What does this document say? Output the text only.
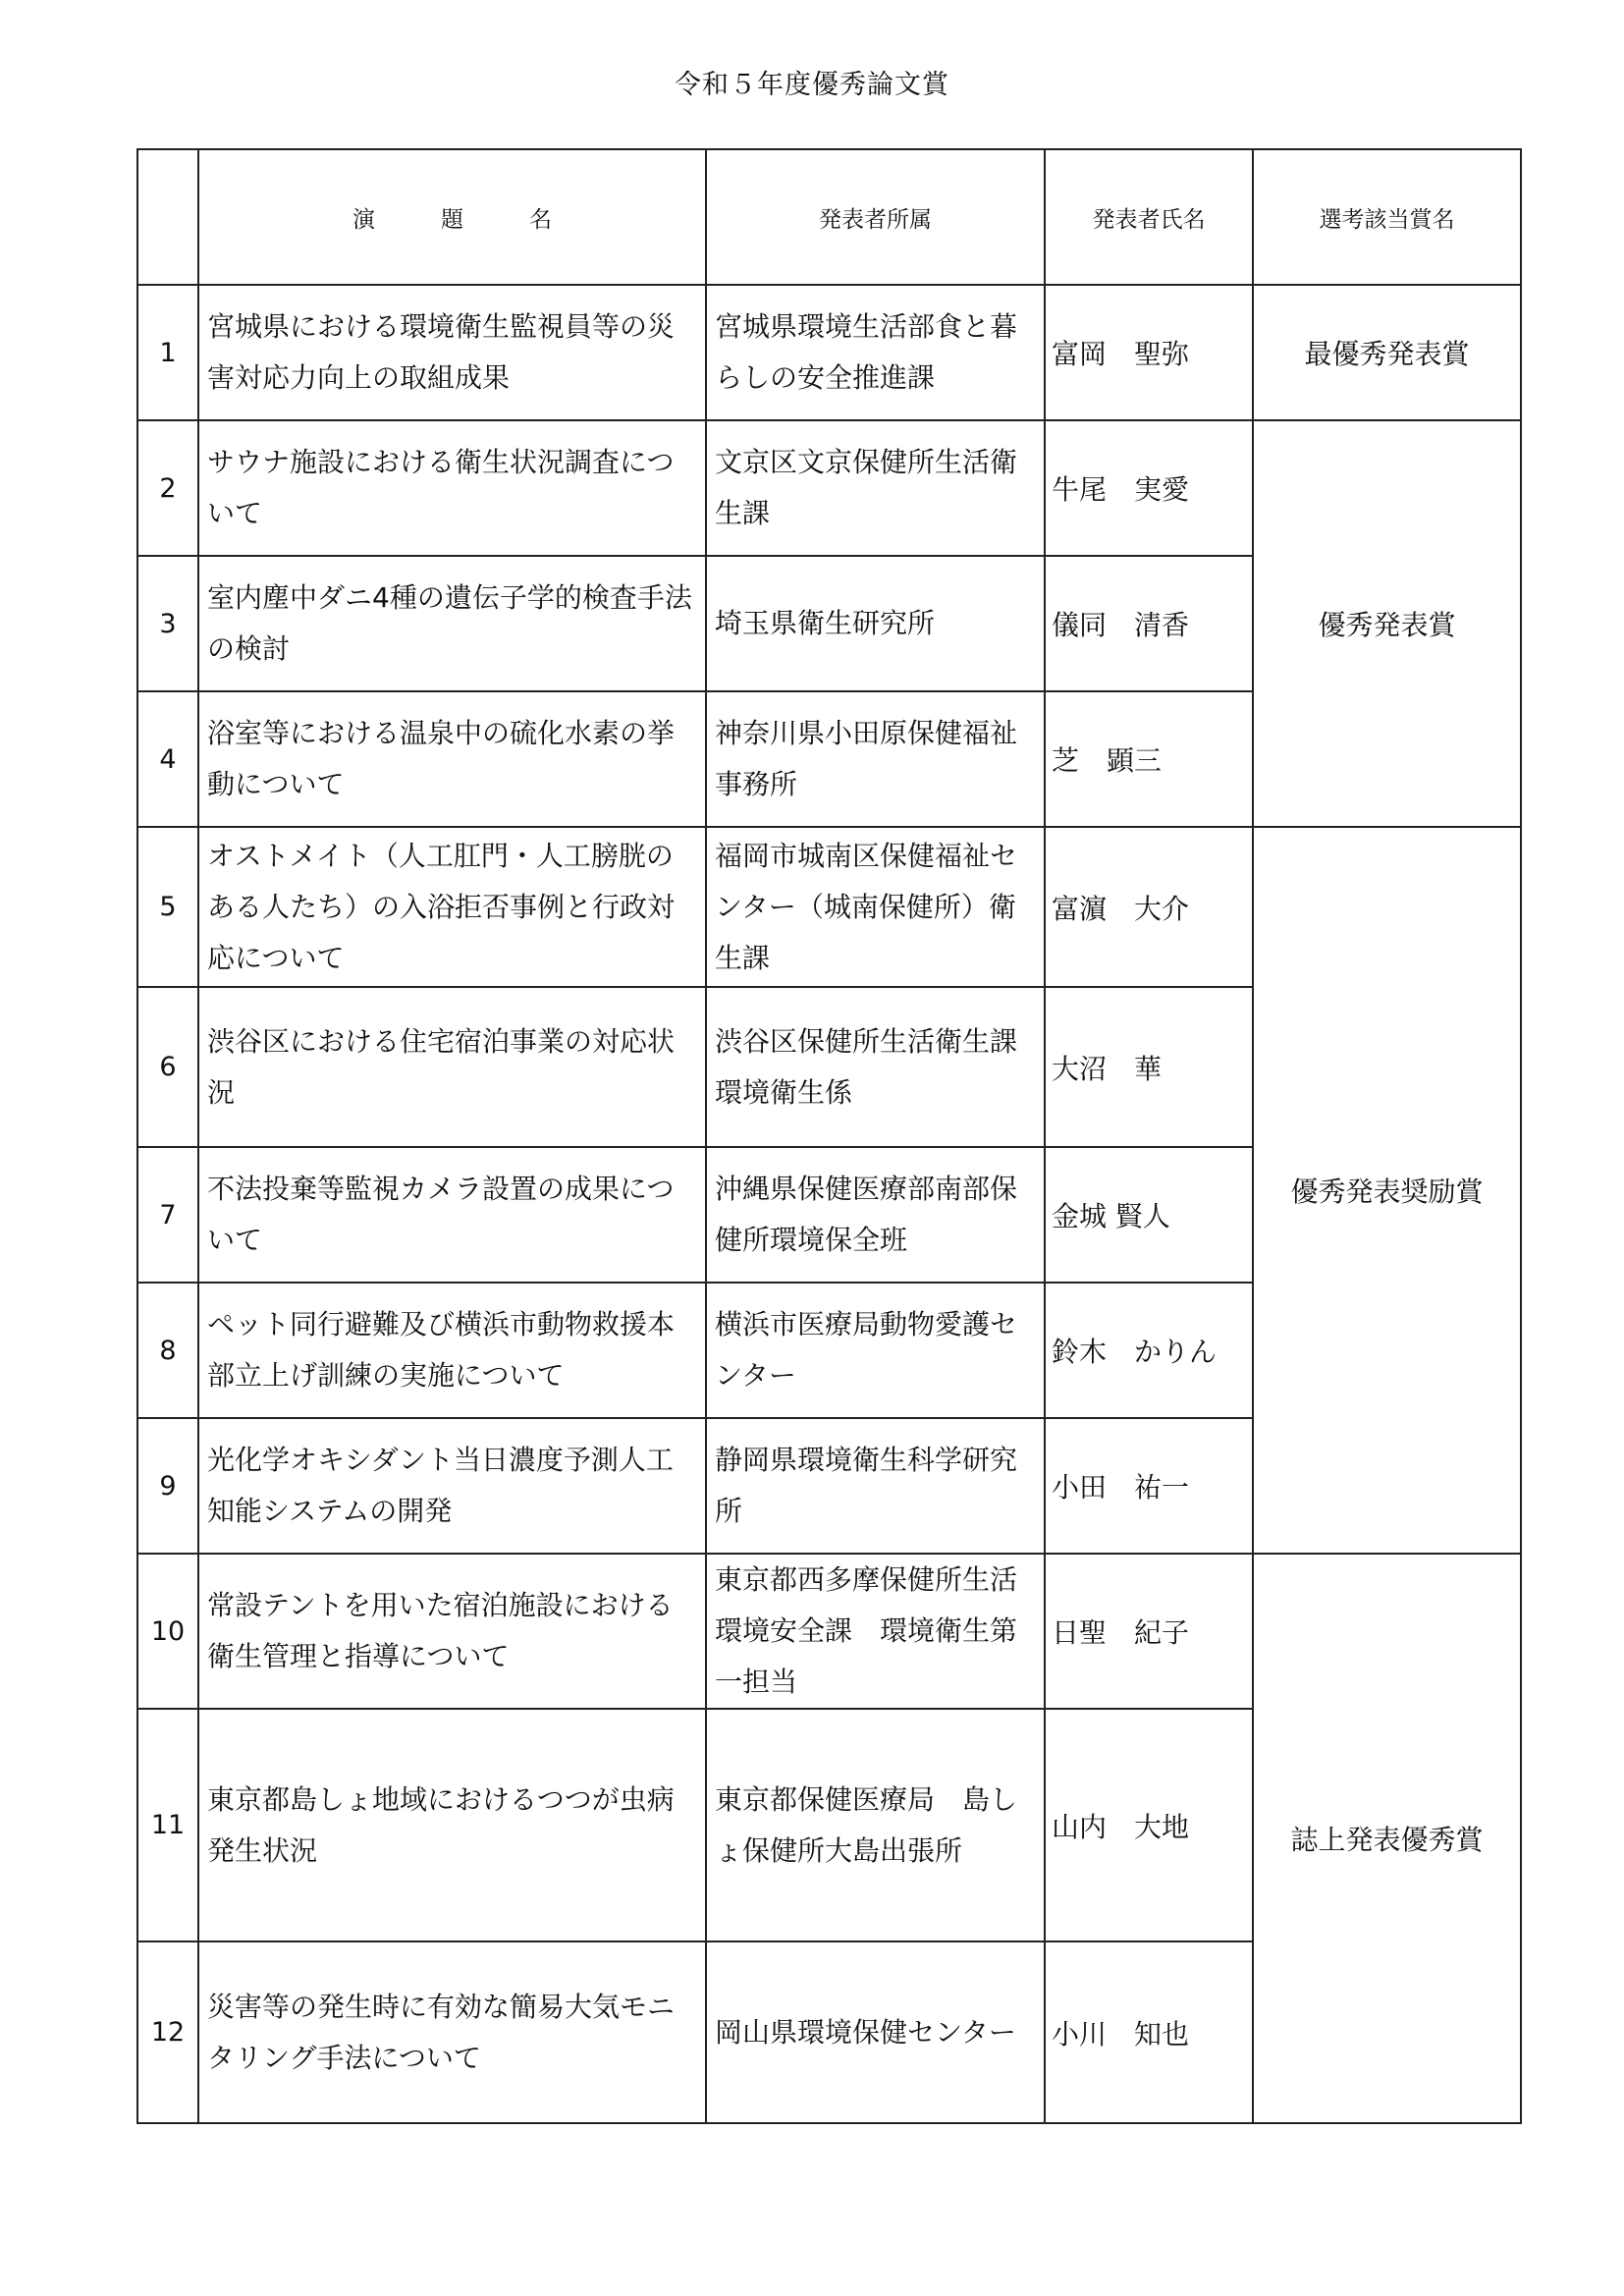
令和５年度優秀論文賞
	演　題　名	発表者所属	発表者氏名	選考該当賞名
1	宮城県における環境衛生監視員等の災害対応力向上の取組成果	宮城県環境生活部食と暮らしの安全推進課	富岡　聖弥	最優秀発表賞
2	サウナ施設における衛生状況調査について	文京区文京保健所生活衛生課	牛尾　実愛	優秀発表賞
3	室内塵中ダニ4種の遺伝子学的検査手法の検討	埼玉県衛生研究所	儀同　清香	
4	浴室等における温泉中の硫化水素の挙動について	神奈川県小田原保健福祉事務所	芝　顕三	
5	オストメイト（人工肛門・人工膀胱のある人たち）の入浴拒否事例と行政対応について	福岡市城南区保健福祉センター（城南保健所）衛生課	富濵　大介	優秀発表奨励賞
6	渋谷区における住宅宿泊事業の対応状況	渋谷区保健所生活衛生課環境衛生係	大沼　華	
7	不法投棄等監視カメラ設置の成果について	沖縄県保健医療部南部保健所環境保全班	金城 賢人	
8	ペット同行避難及び横浜市動物救援本部立上げ訓練の実施について	横浜市医療局動物愛護センター	鈴木　かりん	
9	光化学オキシダント当日濃度予測人工知能システムの開発	静岡県環境衛生科学研究所	小田　祐一	
10	常設テントを用いた宿泊施設における衛生管理と指導について	東京都西多摩保健所生活環境安全課　環境衛生第一担当	日聖　紀子	誌上発表優秀賞
11	東京都島しょ地域におけるつつが虫病発生状況	東京都保健医療局　島しょ保健所大島出張所	山内　大地	
12	災害等の発生時に有効な簡易大気モニタリング手法について	岡山県環境保健センター	小川　知也	
